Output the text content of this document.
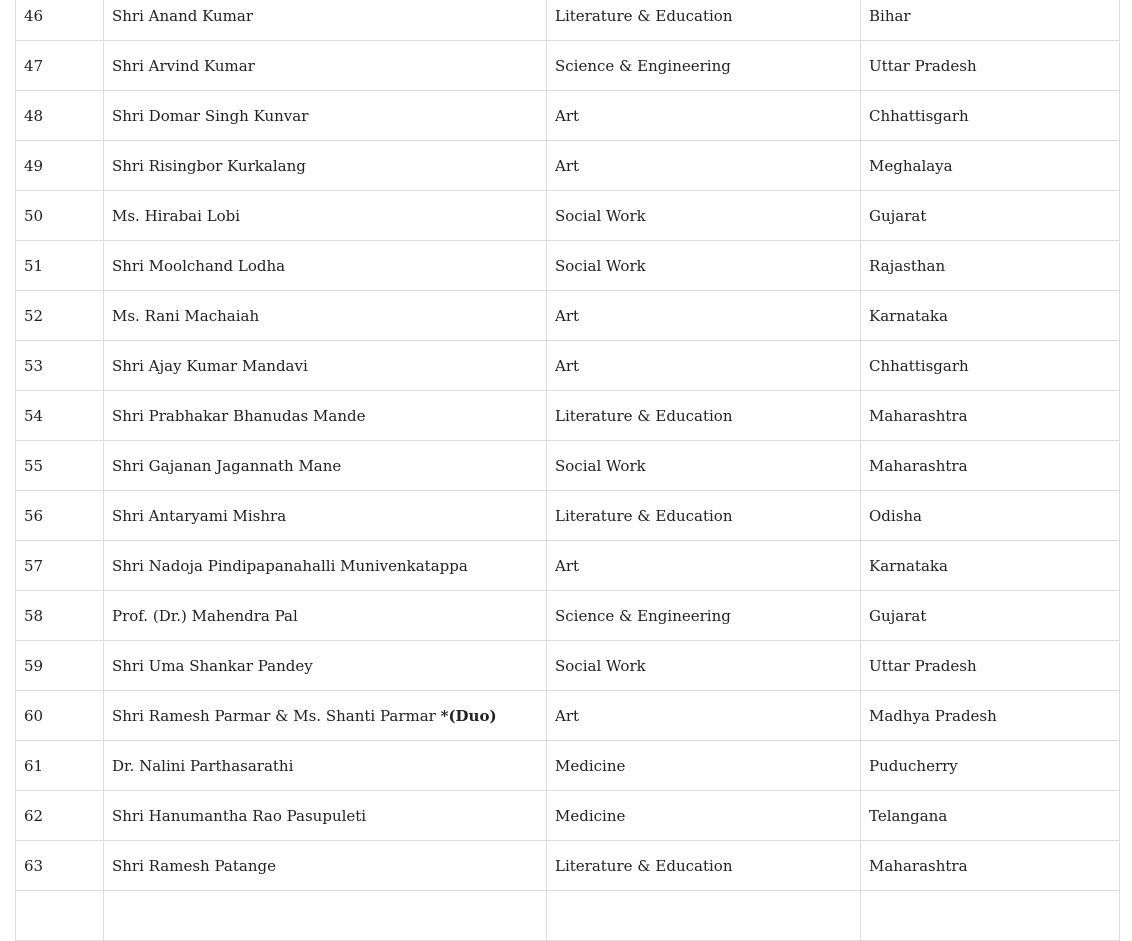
46	Shri Anand Kumar	Literature & Education	Bihar
47	Shri Arvind Kumar	Science & Engineering	Uttar Pradesh
48	Shri Domar Singh Kunvar	Art	Chhattisgarh
49	Shri Risingbor Kurkalang	Art	Meghalaya
50	Ms. Hirabai Lobi	Social Work	Gujarat
51	Shri Moolchand Lodha	Social Work	Rajasthan
52	Ms. Rani Machaiah	Art	Karnataka
53	Shri Ajay Kumar Mandavi	Art	Chhattisgarh
54	Shri Prabhakar Bhanudas Mande	Literature & Education	Maharashtra
55	Shri Gajanan Jagannath Mane	Social Work	Maharashtra
56	Shri Antaryami Mishra	Literature & Education	Odisha
57	Shri Nadoja Pindipapanahalli Munivenkatappa	Art	Karnataka
58	Prof. (Dr.) Mahendra Pal	Science & Engineering	Gujarat
59	Shri Uma Shankar Pandey	Social Work	Uttar Pradesh
60	Shri Ramesh Parmar & Ms. Shanti Parmar *(Duo)	Art	Madhya Pradesh
61	Dr. Nalini Parthasarathi	Medicine	Puducherry
62	Shri Hanumantha Rao Pasupuleti	Medicine	Telangana
63	Shri Ramesh Patange	Literature & Education	Maharashtra
